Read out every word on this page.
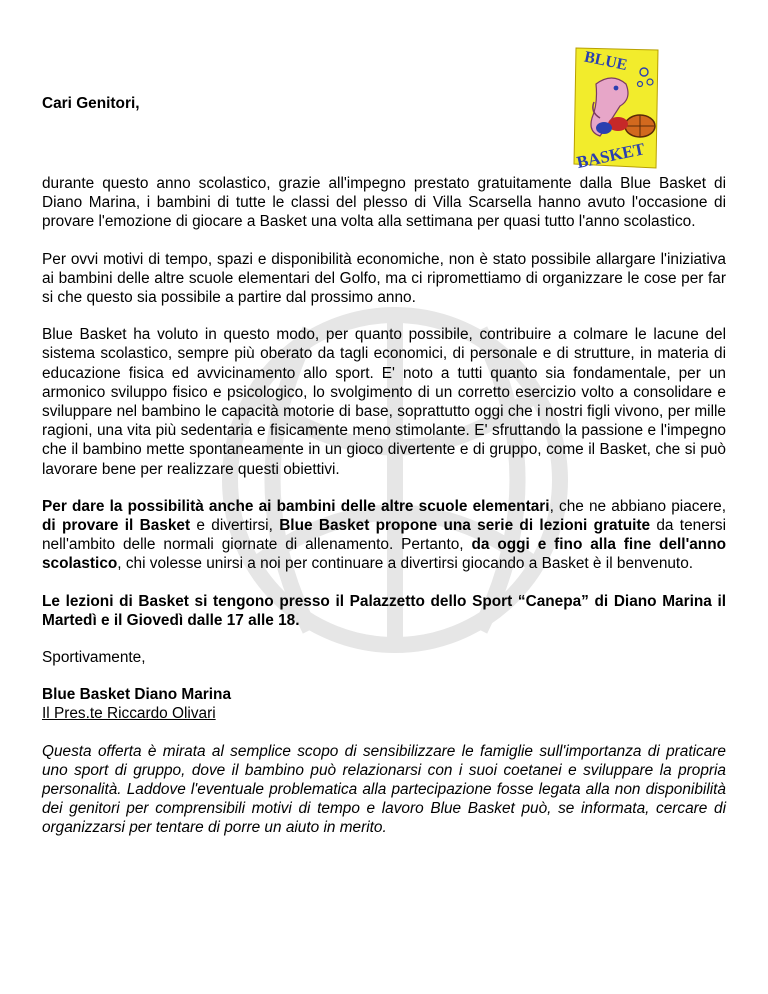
BLUE
BASKET
Cari Genitori,

durante questo anno scolastico, grazie all'impegno prestato gratuitamente dalla Blue Basket di Diano Marina, i bambini di tutte le classi del plesso di Villa Scarsella hanno avuto l'occasione di provare l'emozione di giocare a Basket una volta alla settimana per quasi tutto l'anno scolastico.

Per ovvi motivi di tempo, spazi e disponibilità economiche, non è stato possibile allargare l'iniziativa ai bambini delle altre scuole elementari del Golfo, ma ci ripromettiamo di organizzare le cose per far si che questo sia possibile a partire dal prossimo anno.

Blue Basket ha voluto in questo modo, per quanto possibile, contribuire a colmare le lacune del sistema scolastico, sempre più oberato da tagli economici, di personale e di strutture, in materia di educazione fisica ed avvicinamento allo sport. E' noto a tutti quanto sia fondamentale, per un armonico sviluppo fisico e psicologico, lo svolgimento di un corretto esercizio volto a consolidare e sviluppare nel bambino le capacità motorie di base, soprattutto oggi che i nostri figli vivono, per mille ragioni, una vita più sedentaria e fisicamente meno stimolante. E' sfruttando la passione e l'impegno che il bambino mette spontaneamente in un gioco divertente e di gruppo, come il Basket, che si può lavorare bene per realizzare questi obiettivi.

Per dare la possibilità anche ai bambini delle altre scuole elementari, che ne abbiano piacere, di provare il Basket e divertirsi, Blue Basket propone una serie di lezioni gratuite da tenersi nell'ambito delle normali giornate di allenamento. Pertanto, da oggi e fino alla fine dell'anno scolastico, chi volesse unirsi a noi per continuare a divertirsi giocando a Basket è il benvenuto.

Le lezioni di Basket si tengono presso il Palazzetto dello Sport “Canepa” di Diano Marina il Martedì e il Giovedì dalle 17 alle 18.

Sportivamente,

Blue Basket Diano Marina
Il Pres.te Riccardo Olivari

Questa offerta è mirata al semplice scopo di sensibilizzare le famiglie sull'importanza di praticare uno sport di gruppo, dove il bambino può relazionarsi con i suoi coetanei e sviluppare la propria personalità. Laddove l'eventuale problematica alla partecipazione fosse legata alla non disponibilità dei genitori per comprensibili motivi di tempo e lavoro Blue Basket può, se informata, cercare di organizzarsi per tentare di porre un aiuto in merito.
